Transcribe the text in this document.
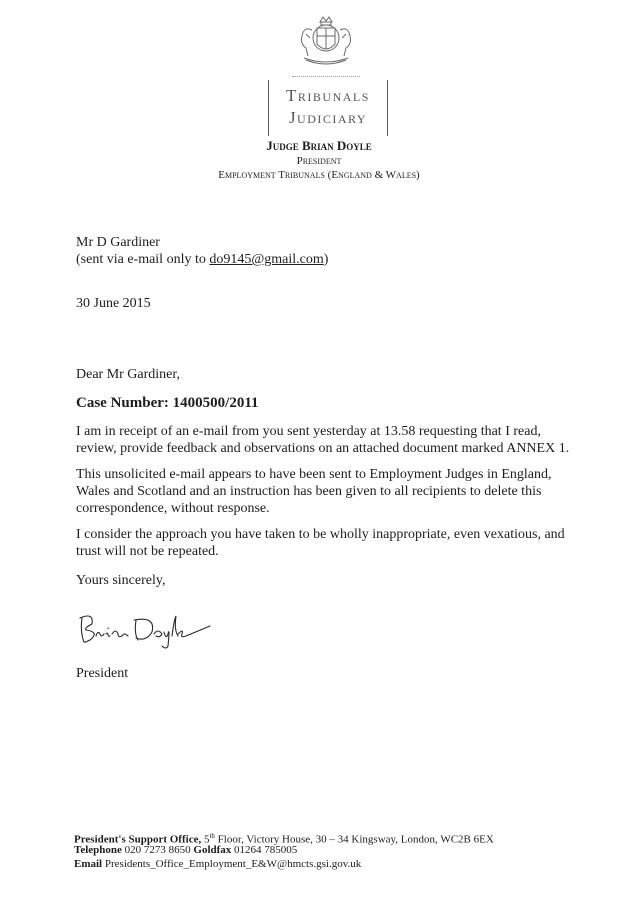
Tribunals
Judiciary
Judge Brian Doyle
President
Employment Tribunals (England & Wales)
Mr D Gardiner
(sent via e-mail only to do9145@gmail.com)
30 June 2015
Dear Mr Gardiner,
Case Number: 1400500/2011
I am in receipt of an e-mail from you sent yesterday at 13.58 requesting that I read, review, provide feedback and observations on an attached document marked ANNEX 1.
This unsolicited e-mail appears to have been sent to Employment Judges in England, Wales and Scotland and an instruction has been given to all recipients to delete this correspondence, without response.
I consider the approach you have taken to be wholly inappropriate, even vexatious, and trust will not be repeated.
Yours sincerely,
President
President's Support Office, 5th Floor, Victory House, 30 – 34 Kingsway, London, WC2B 6EX
Telephone 020 7273 8650 Goldfax 01264 785005
Email Presidents_Office_Employment_E&W@hmcts.gsi.gov.uk
